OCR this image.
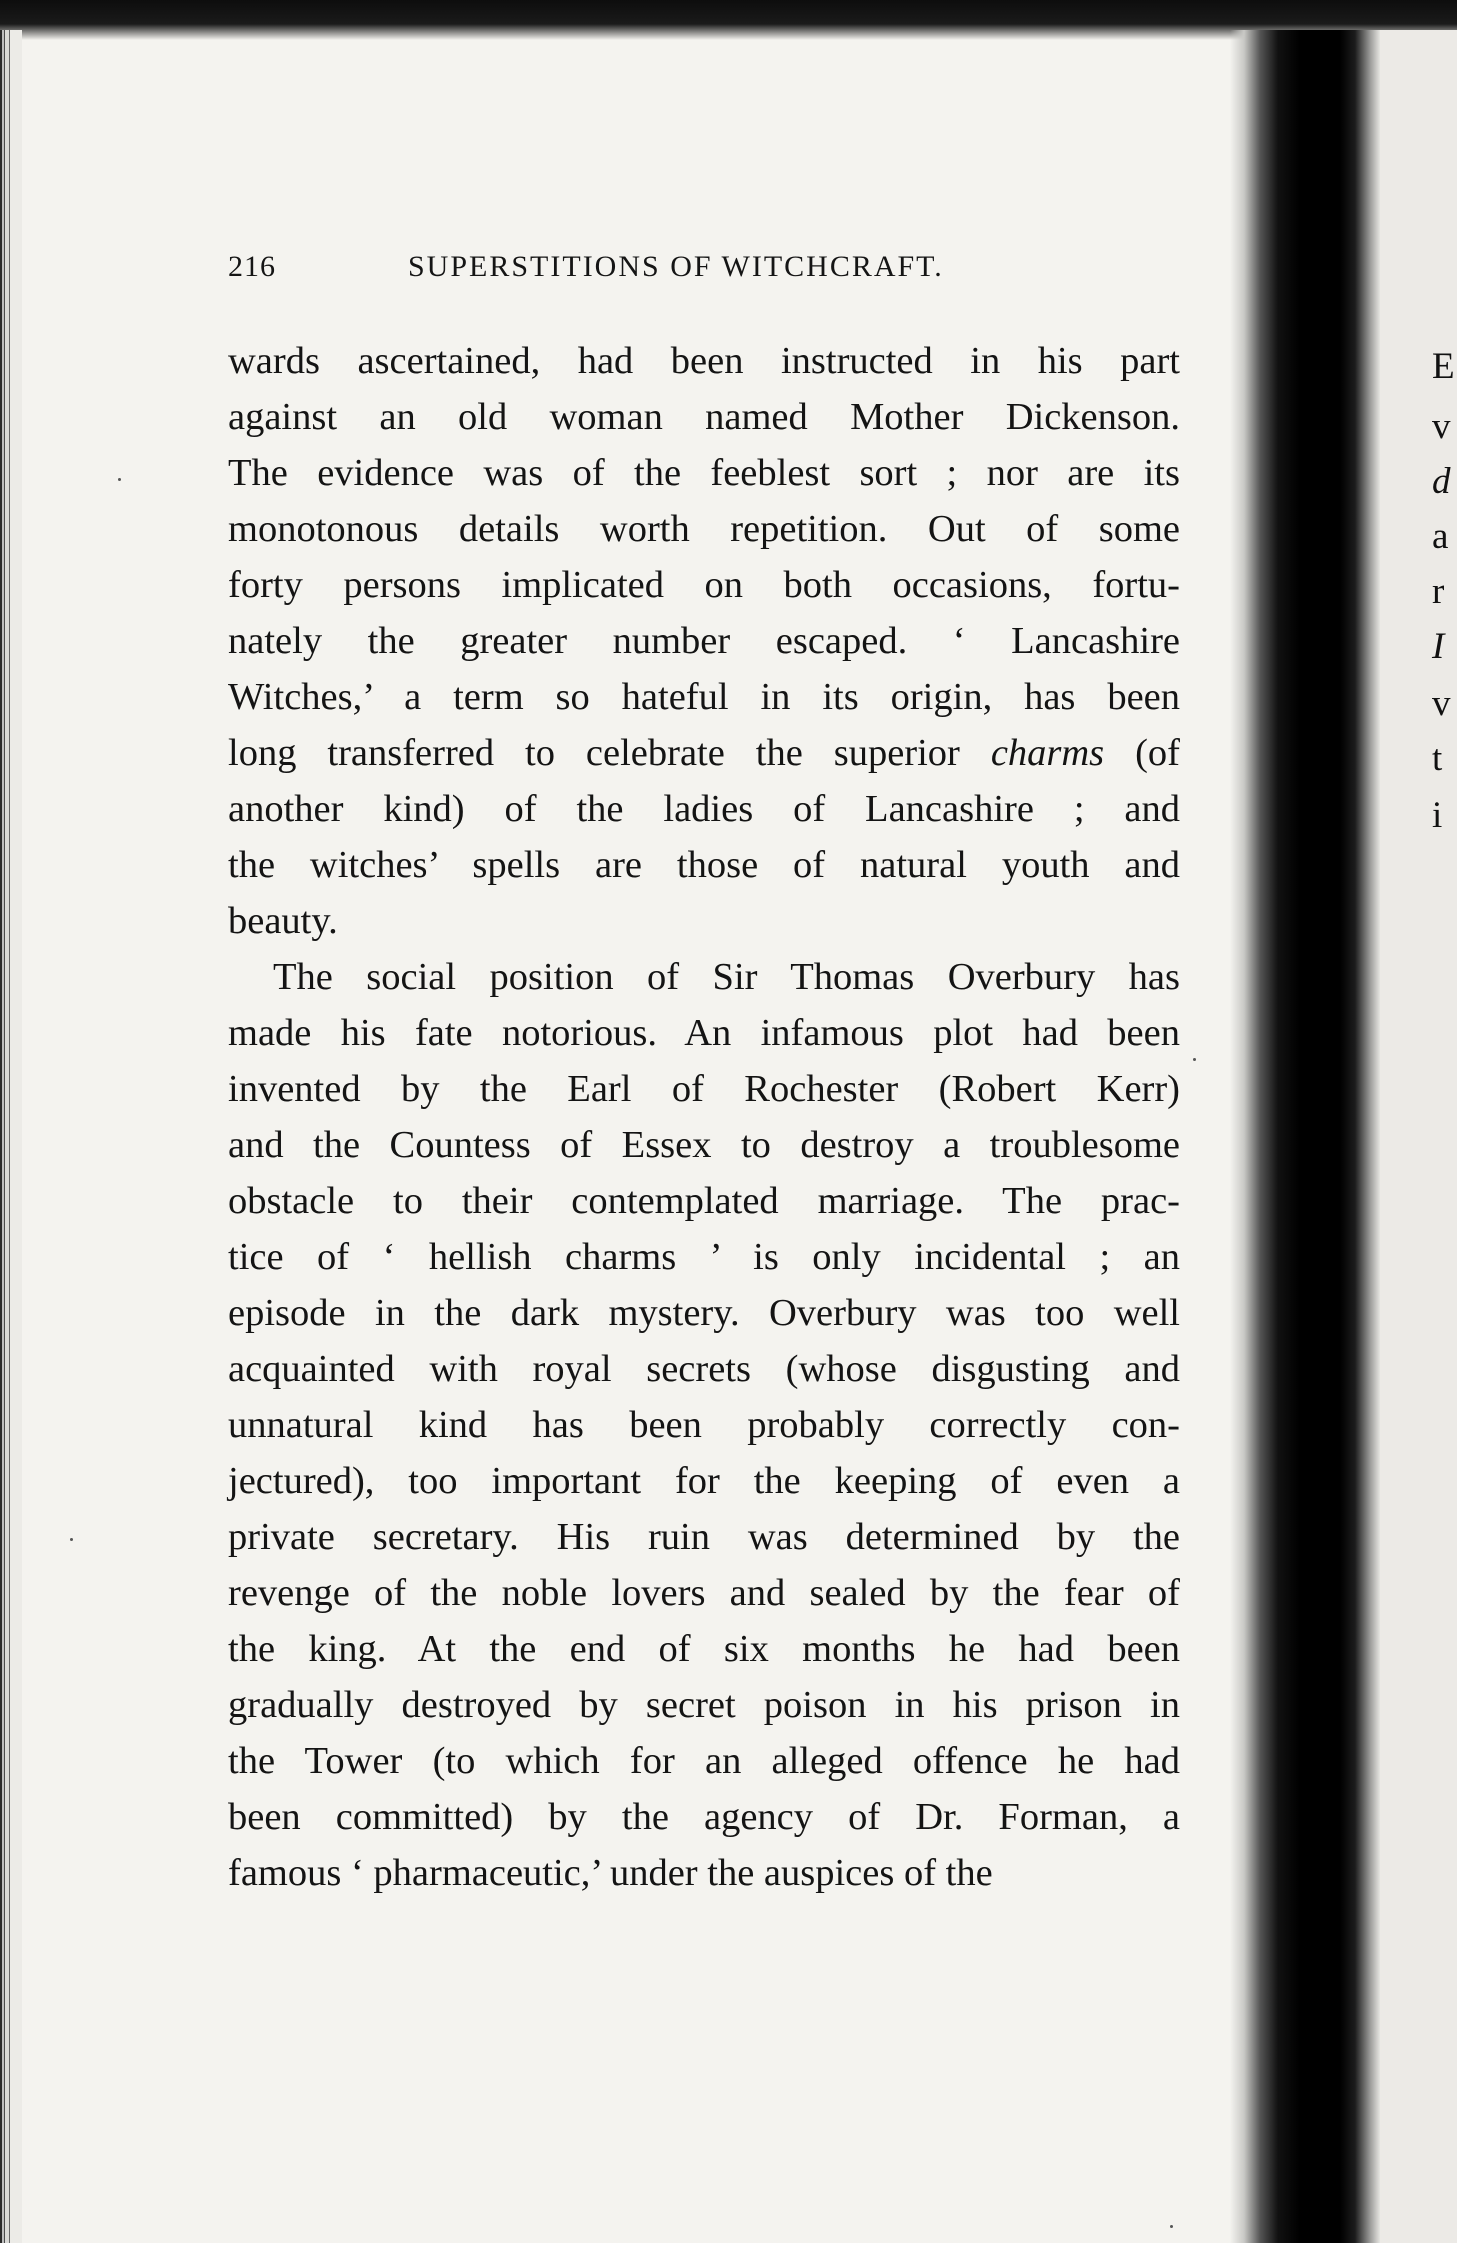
E
v
d
a
r
I
v
t
i
216	SUPERSTITIONS OF WITCHCRAFT.
wards ascertained, had been instructed in his part
against an old woman named Mother Dickenson.
The evidence was of the feeblest sort ; nor are its
monotonous details worth repetition. Out of some
forty persons implicated on both occasions, fortu-
nately the greater number escaped. ‘ Lancashire
Witches,’ a term so hateful in its origin, has been
long transferred to celebrate the superior charms (of
another kind) of the ladies of Lancashire ; and
the witches’ spells are those of natural youth and
beauty.
The social position of Sir Thomas Overbury has
made his fate notorious. An infamous plot had been
invented by the Earl of Rochester (Robert Kerr)
and the Countess of Essex to destroy a troublesome
obstacle to their contemplated marriage. The prac-
tice of ‘ hellish charms ’ is only incidental ; an
episode in the dark mystery. Overbury was too well
acquainted with royal secrets (whose disgusting and
unnatural kind has been probably correctly con-
jectured), too important for the keeping of even a
private secretary. His ruin was determined by the
revenge of the noble lovers and sealed by the fear of
the king. At the end of six months he had been
gradually destroyed by secret poison in his prison in
the Tower (to which for an alleged offence he had
been committed) by the agency of Dr. Forman, a
famous ‘ pharmaceutic,’ under the auspices of the
